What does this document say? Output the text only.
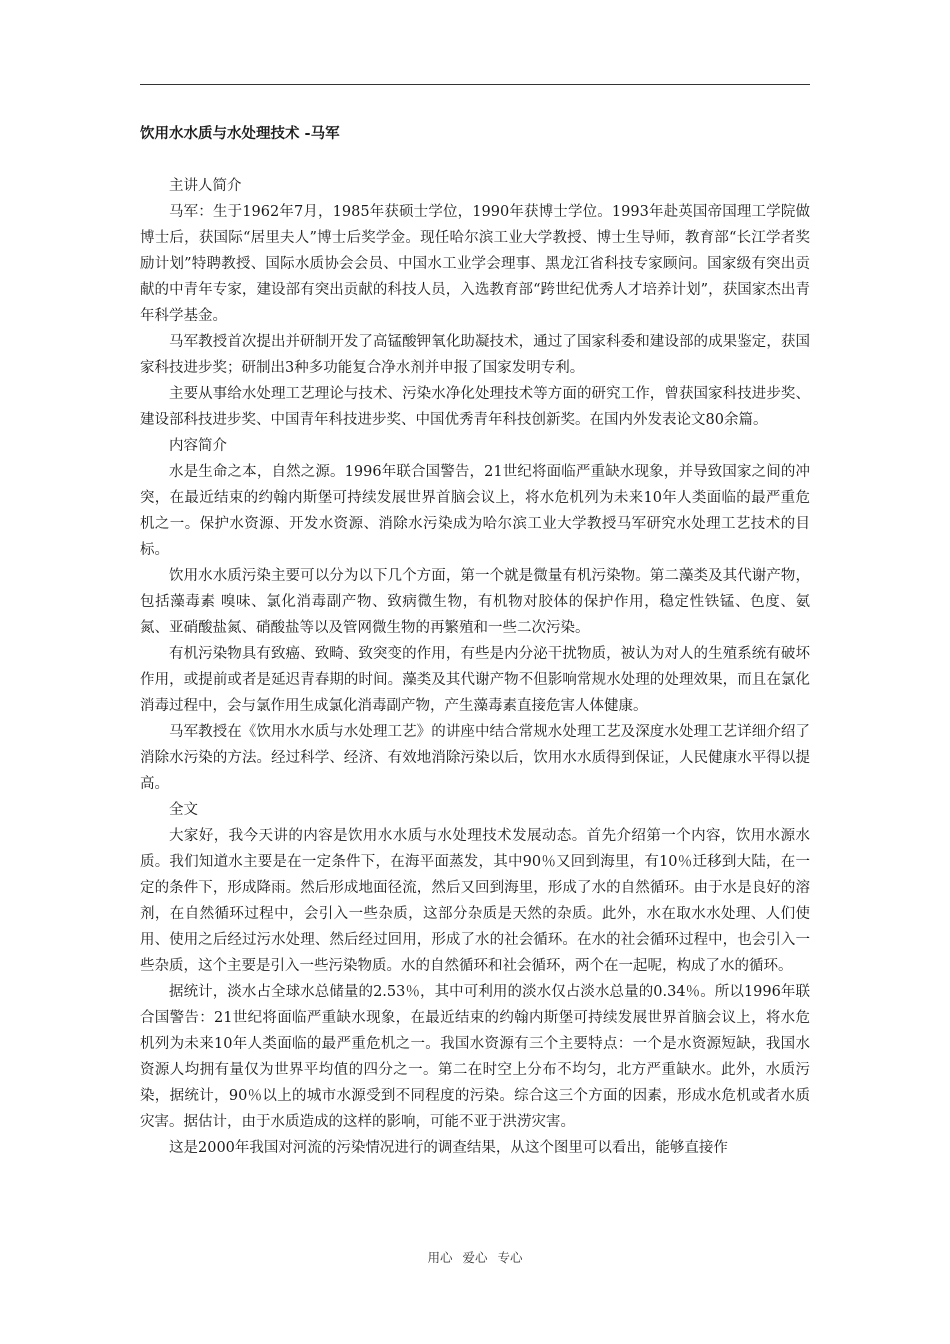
饮用水水质与水处理技术 -马军

主讲人简介

马军：生于1962年7月，1985年获硕士学位，1990年获博士学位。1993年赴英国帝国理工学院做博士后，获国际“居里夫人”博士后奖学金。现任哈尔滨工业大学教授、博士生导师，教育部“长江学者奖励计划”特聘教授、国际水质协会会员、中国水工业学会理事、黑龙江省科技专家顾问。国家级有突出贡献的中青年专家，建设部有突出贡献的科技人员，入选教育部“跨世纪优秀人才培养计划”，获国家杰出青年科学基金。

马军教授首次提出并研制开发了高锰酸钾氧化助凝技术，通过了国家科委和建设部的成果鉴定，获国家科技进步奖；研制出3种多功能复合净水剂并申报了国家发明专利。

主要从事给水处理工艺理论与技术、污染水净化处理技术等方面的研究工作，曾获国家科技进步奖、建设部科技进步奖、中国青年科技进步奖、中国优秀青年科技创新奖。在国内外发表论文80余篇。

内容简介

水是生命之本，自然之源。1996年联合国警告，21世纪将面临严重缺水现象，并导致国家之间的冲突，在最近结束的约翰内斯堡可持续发展世界首脑会议上，将水危机列为未来10年人类面临的最严重危机之一。保护水资源、开发水资源、消除水污染成为哈尔滨工业大学教授马军研究水处理工艺技术的目标。

饮用水水质污染主要可以分为以下几个方面，第一个就是微量有机污染物。第二藻类及其代谢产物，包括藻毒素 嗅味、氯化消毒副产物、致病微生物，有机物对胶体的保护作用，稳定性铁锰、色度、氨氮、亚硝酸盐氮、硝酸盐等以及管网微生物的再繁殖和一些二次污染。

有机污染物具有致癌、致畸、致突变的作用，有些是内分泌干扰物质，被认为对人的生殖系统有破坏作用，或提前或者是延迟青春期的时间。藻类及其代谢产物不但影响常规水处理的处理效果，而且在氯化消毒过程中，会与氯作用生成氯化消毒副产物，产生藻毒素直接危害人体健康。

马军教授在《饮用水水质与水处理工艺》的讲座中结合常规水处理工艺及深度水处理工艺详细介绍了消除水污染的方法。经过科学、经济、有效地消除污染以后，饮用水水质得到保证，人民健康水平得以提高。

全文

大家好，我今天讲的内容是饮用水水质与水处理技术发展动态。首先介绍第一个内容，饮用水源水质。我们知道水主要是在一定条件下，在海平面蒸发，其中90％又回到海里，有10％迁移到大陆，在一定的条件下，形成降雨。然后形成地面径流，然后又回到海里，形成了水的自然循环。由于水是良好的溶剂，在自然循环过程中，会引入一些杂质，这部分杂质是天然的杂质。此外，水在取水水处理、人们使用、使用之后经过污水处理、然后经过回用，形成了水的社会循环。在水的社会循环过程中，也会引入一些杂质，这个主要是引入一些污染物质。水的自然循环和社会循环，两个在一起呢，构成了水的循环。

据统计，淡水占全球水总储量的2.53％，其中可利用的淡水仅占淡水总量的0.34％。所以1996年联合国警告：21世纪将面临严重缺水现象，在最近结束的约翰内斯堡可持续发展世界首脑会议上，将水危机列为未来10年人类面临的最严重危机之一。我国水资源有三个主要特点：一个是水资源短缺，我国水资源人均拥有量仅为世界平均值的四分之一。第二在时空上分布不均匀，北方严重缺水。此外，水质污染，据统计，90％以上的城市水源受到不同程度的污染。综合这三个方面的因素，形成水危机或者水质灾害。据估计，由于水质造成的这样的影响，可能不亚于洪涝灾害。

这是2000年我国对河流的污染情况进行的调查结果，从这个图里可以看出，能够直接作

用心 爱心 专心
